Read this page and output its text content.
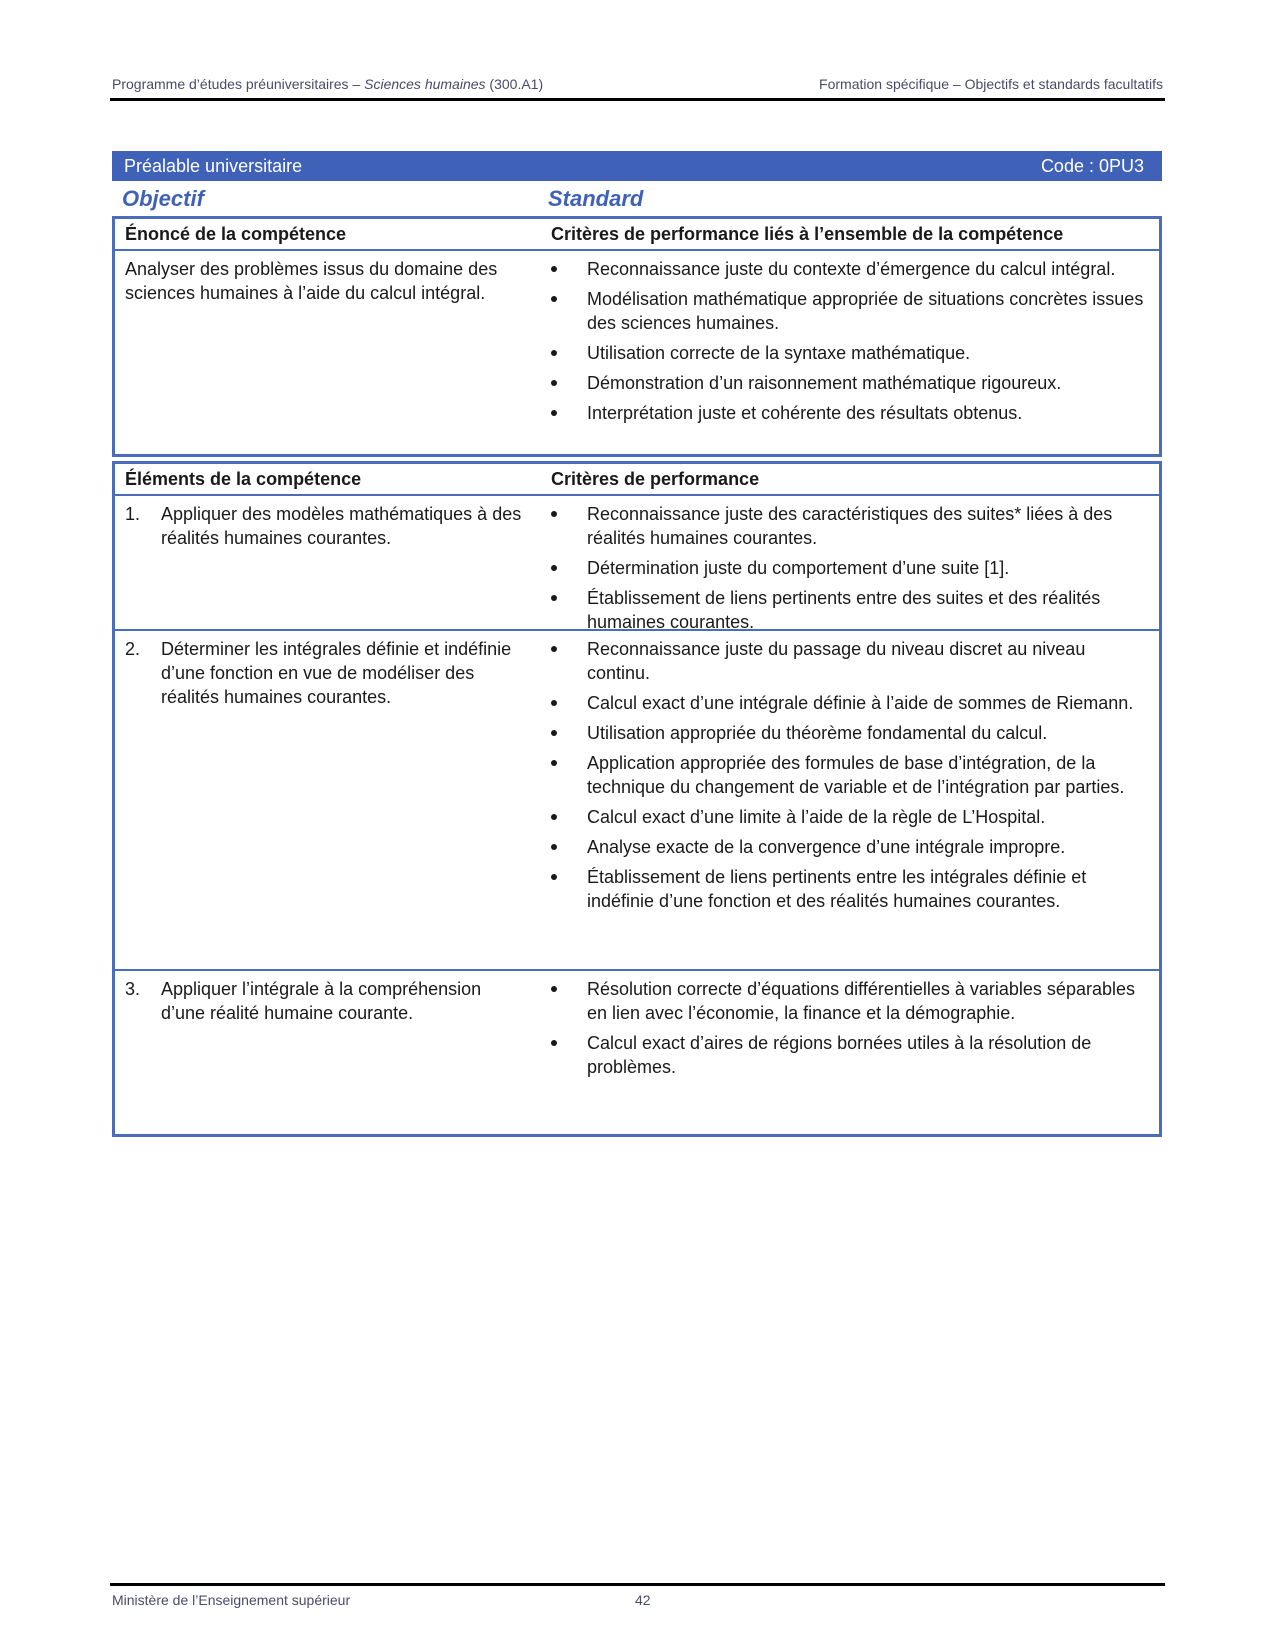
Programme d’études préuniversitaires – Sciences humaines (300.A1)	Formation spécifique – Objectifs et standards facultatifs
Préalable universitaire	Code : 0PU3
Objectif	Standard
Énoncé de la compétence	Critères de performance liés à l’ensemble de la compétence
Analyser des problèmes issus du domaine des sciences humaines à l’aide du calcul intégral.
Reconnaissance juste du contexte d’émergence du calcul intégral.
Modélisation mathématique appropriée de situations concrètes issues des sciences humaines.
Utilisation correcte de la syntaxe mathématique.
Démonstration d’un raisonnement mathématique rigoureux.
Interprétation juste et cohérente des résultats obtenus.
Éléments de la compétence	Critères de performance
1.	Appliquer des modèles mathématiques à des réalités humaines courantes.
Reconnaissance juste des caractéristiques des suites* liées à des réalités humaines courantes.
Détermination juste du comportement d’une suite [1].
Établissement de liens pertinents entre des suites et des réalités humaines courantes.
2.	Déterminer les intégrales définie et indéfinie d’une fonction en vue de modéliser des réalités humaines courantes.
Reconnaissance juste du passage du niveau discret au niveau continu.
Calcul exact d’une intégrale définie à l’aide de sommes de Riemann.
Utilisation appropriée du théorème fondamental du calcul.
Application appropriée des formules de base d’intégration, de la technique du changement de variable et de l’intégration par parties.
Calcul exact d’une limite à l’aide de la règle de L’Hospital.
Analyse exacte de la convergence d’une intégrale impropre.
Établissement de liens pertinents entre les intégrales définie et indéfinie d’une fonction et des réalités humaines courantes.
3.	Appliquer l’intégrale à la compréhension d’une réalité humaine courante.
Résolution correcte d’équations différentielles à variables séparables en lien avec l’économie, la finance et la démographie.
Calcul exact d’aires de régions bornées utiles à la résolution de problèmes.
Ministère de l’Enseignement supérieur	42
